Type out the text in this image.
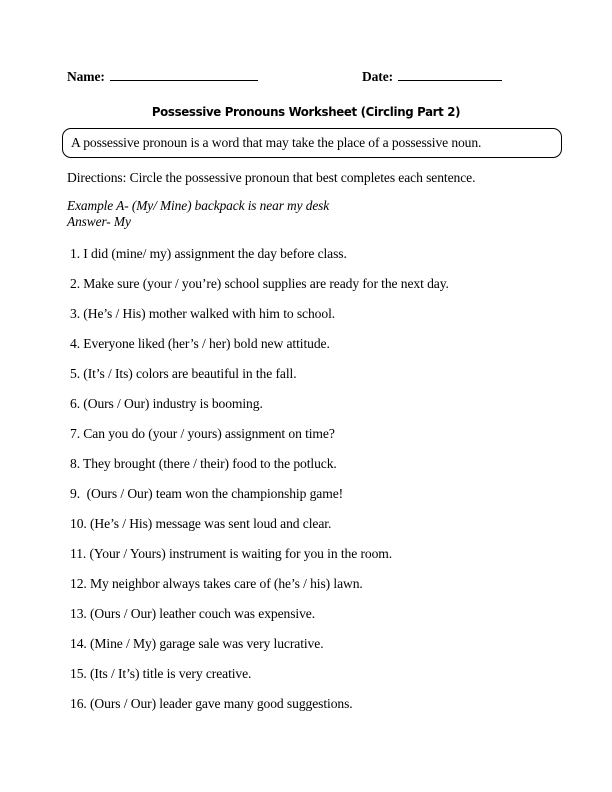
Name:	Date:
Possessive Pronouns Worksheet (Circling Part 2)
A possessive pronoun is a word that may take the place of a possessive noun.
Directions: Circle the possessive pronoun that best completes each sentence.
Example A- (My/ Mine) backpack is near my desk
Answer- My
1. I did (mine/ my) assignment the day before class.
2. Make sure (your / you’re) school supplies are ready for the next day.
3. (He’s / His) mother walked with him to school.
4. Everyone liked (her’s / her) bold new attitude.
5. (It’s / Its) colors are beautiful in the fall.
6. (Ours / Our) industry is booming.
7. Can you do (your / yours) assignment on time?
8. They brought (there / their) food to the potluck.
9.  (Ours / Our) team won the championship game!
10. (He’s / His) message was sent loud and clear.
11. (Your / Yours) instrument is waiting for you in the room.
12. My neighbor always takes care of (he’s / his) lawn.
13. (Ours / Our) leather couch was expensive.
14. (Mine / My) garage sale was very lucrative.
15. (Its / It’s) title is very creative.
16. (Ours / Our) leader gave many good suggestions.
